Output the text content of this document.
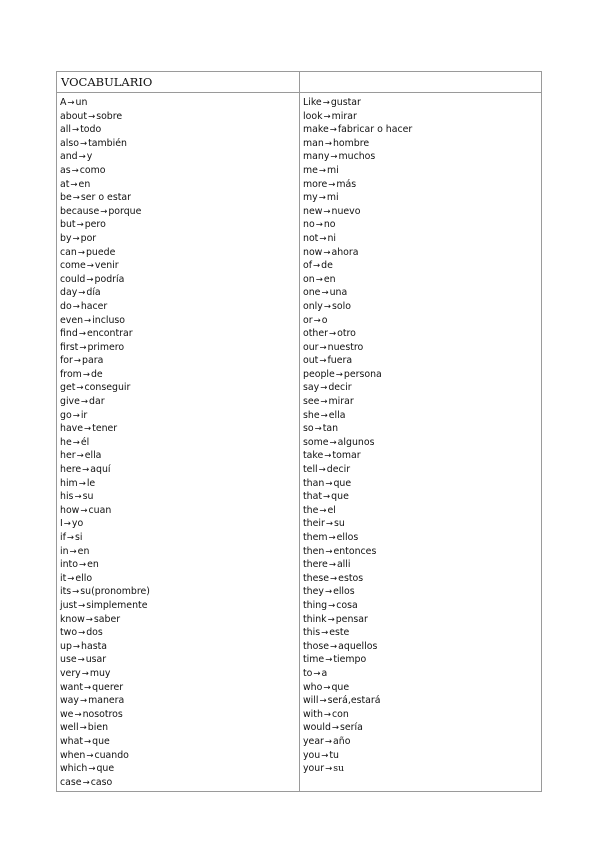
VOCABULARIO
A→un
about→sobre
all→todo
also→también
and→y
as→como
at→en
be→ser o estar
because→porque
but→pero
by→por
can→puede
come→venir
could→podría
day→día
do→hacer
even→incluso
find→encontrar
first→primero
for→para
from→de
get→conseguir
give→dar
go→ir
have→tener
he→él
her→ella
here→aquí
him→le
his→su
how→cuan
I→yo
if→si
in→en
into→en
it→ello
its→su(pronombre)
just→simplemente
know→saber
two→dos
up→hasta
use→usar
very→muy
want→querer
way→manera
we→nosotros
well→bien
what→que
when→cuando
which→que
case→caso
Like→gustar
look→mirar
make→fabricar o hacer
man→hombre
many→muchos
me→mi
more→más
my→mi
new→nuevo
no→no
not→ni
now→ahora
of→de
on→en
one→una
only→solo
or→o
other→otro
our→nuestro
out→fuera
people→persona
say→decir
see→mirar
she→ella
so→tan
some→algunos
take→tomar
tell→decir
than→que
that→que
the→el
their→su
them→ellos
then→entonces
there→alli
these→estos
they→ellos
thing→cosa
think→pensar
this→este
those→aquellos
time→tiempo
to→a
who→que
will→será,estará
with→con
would→sería
year→año
you→tu
your→su
